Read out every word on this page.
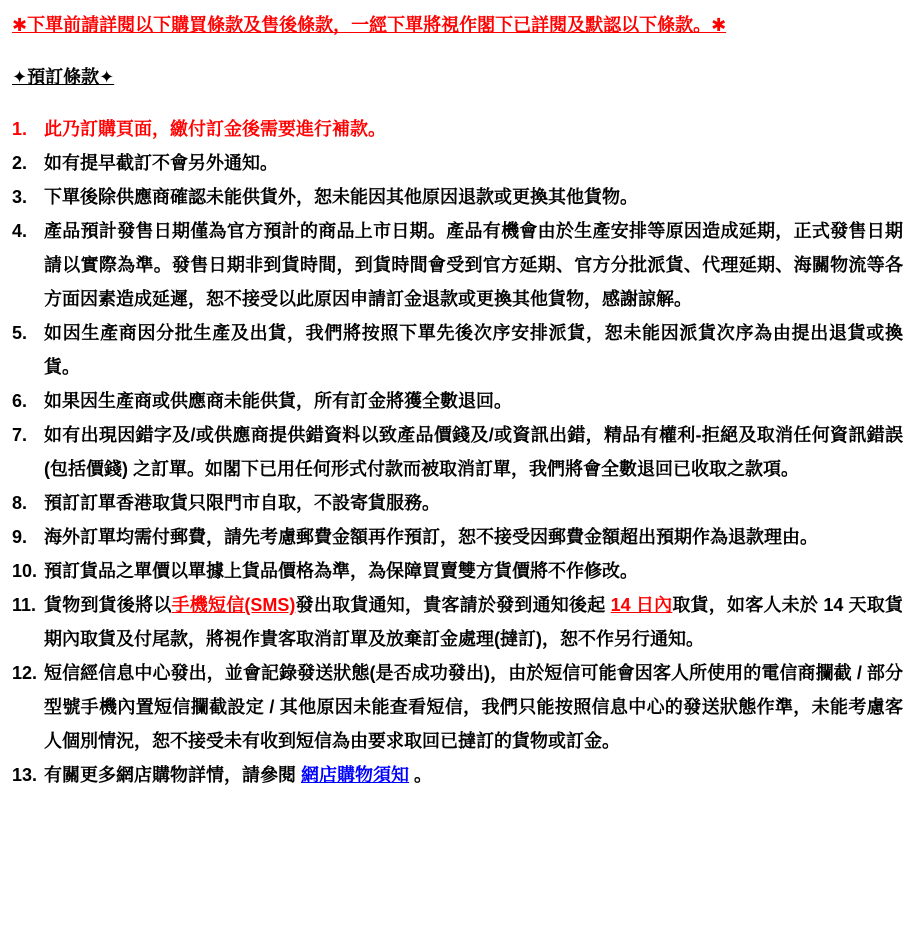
✱下單前請詳閱以下購買條款及售後條款，一經下單將視作閣下已詳閱及默認以下條款。✱
✦預訂條款✦
1. 此乃訂購頁面，繳付訂金後需要進行補款。
2. 如有提早截訂不會另外通知。
3. 下單後除供應商確認未能供貨外，恕未能因其他原因退款或更換其他貨物。
4. 產品預計發售日期僅為官方預計的商品上市日期。產品有機會由於生產安排等原因造成延期，正式發售日期請以實際為準。發售日期非到貨時間，到貨時間會受到官方延期、官方分批派貨、代理延期、海關物流等各方面因素造成延遲，恕不接受以此原因申請訂金退款或更換其他貨物，感謝諒解。
5. 如因生產商因分批生產及出貨，我們將按照下單先後次序安排派貨，恕未能因派貨次序為由提出退貨或換貨。
6. 如果因生產商或供應商未能供貨，所有訂金將獲全數退回。
7. 如有出現因錯字及/或供應商提供錯資料以致產品價錢及/或資訊出錯，精品有權利-拒絕及取消任何資訊錯誤(包括價錢) 之訂單。如閣下已用任何形式付款而被取消訂單，我們將會全數退回已收取之款項。
8. 預訂訂單香港取貨只限門市自取，不設寄貨服務。
9. 海外訂單均需付郵費，請先考慮郵費金額再作預訂，恕不接受因郵費金額超出預期作為退款理由。
10. 預訂貨品之單價以單據上貨品價格為準，為保障買賣雙方貨價將不作修改。
11. 貨物到貨後將以手機短信(SMS)發出取貨通知，貴客請於發到通知後起 14 日內取貨，如客人未於 14 天取貨期內取貨及付尾款，將視作貴客取消訂單及放棄訂金處理(撻訂)，恕不作另行通知。
12. 短信經信息中心發出，並會記錄發送狀態(是否成功發出)，由於短信可能會因客人所使用的電信商攔截 / 部分型號手機內置短信攔截設定 / 其他原因未能查看短信，我們只能按照信息中心的發送狀態作準，未能考慮客人個別情況，恕不接受未有收到短信為由要求取回已撻訂的貨物或訂金。
13. 有關更多網店購物詳情，請參閱 網店購物須知 。
